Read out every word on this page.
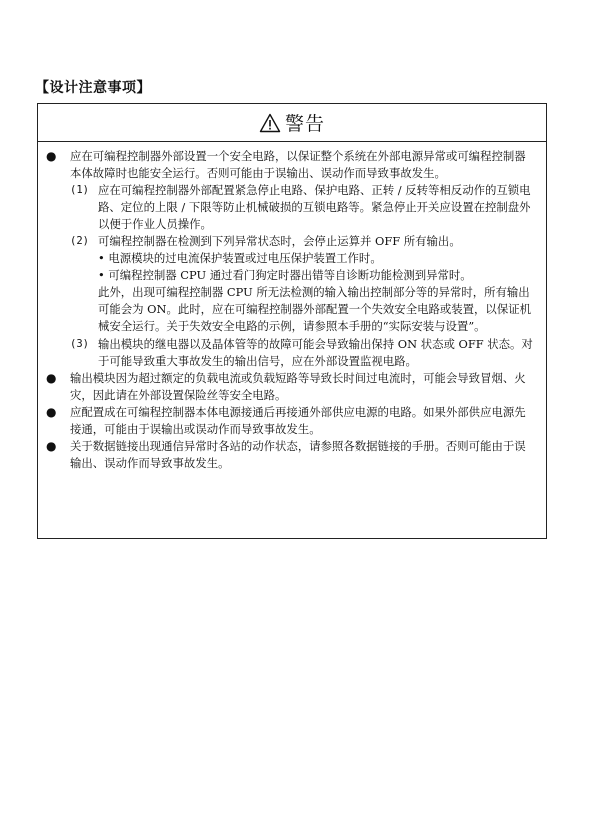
【设计注意事项】
警告
●	应在可编程控制器外部设置一个安全电路，以保证整个系统在外部电源异常或可编程控制器本体故障时也能安全运行。否则可能由于误输出、误动作而导致事故发生。

(1) 应在可编程控制器外部配置紧急停止电路、保护电路、正转 / 反转等相反动作的互锁电路、定位的上限 / 下限等防止机械破损的互锁电路等。紧急停止开关应设置在控制盘外以便于作业人员操作。

(2) 可编程控制器在检测到下列异常状态时，会停止运算并 OFF 所有输出。

• 电源模块的过电流保护装置或过电压保护装置工作时。

• 可编程控制器 CPU 通过看门狗定时器出错等自诊断功能检测到异常时。

此外，出现可编程控制器 CPU 所无法检测的输入输出控制部分等的异常时，所有输出可能会为 ON。此时，应在可编程控制器外部配置一个失效安全电路或装置，以保证机械安全运行。关于失效安全电路的示例，请参照本手册的“实际安装与设置”。

(3) 输出模块的继电器以及晶体管等的故障可能会导致输出保持 ON 状态或 OFF 状态。对于可能导致重大事故发生的输出信号，应在外部设置监视电路。

●	输出模块因为超过额定的负载电流或负载短路等导致长时间过电流时，可能会导致冒烟、火灾，因此请在外部设置保险丝等安全电路。

●	应配置成在可编程控制器本体电源接通后再接通外部供应电源的电路。如果外部供应电源先接通，可能由于误输出或误动作而导致事故发生。

●	关于数据链接出现通信异常时各站的动作状态，请参照各数据链接的手册。否则可能由于误输出、误动作而导致事故发生。
